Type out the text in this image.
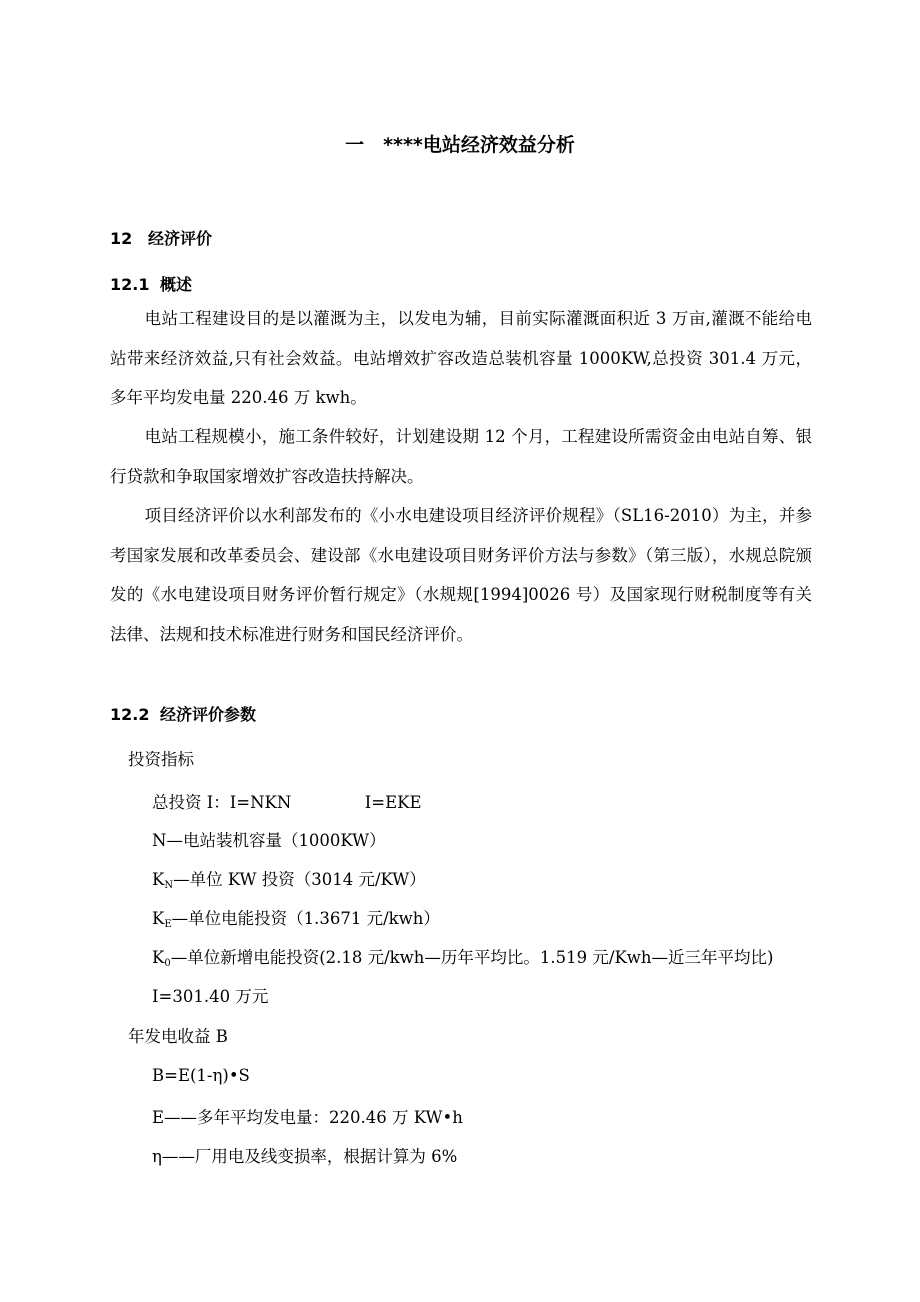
一　****电站经济效益分析
12 经济评价
12.1 概述
电站工程建设目的是以灌溉为主，以发电为辅，目前实际灌溉面积近 3 万亩,灌溉不能给电站带来经济效益,只有社会效益。电站增效扩容改造总装机容量 1000KW,总投资 301.4 万元，多年平均发电量 220.46 万 kwh。
电站工程规模小，施工条件较好，计划建设期 12 个月，工程建设所需资金由电站自筹、银行贷款和争取国家增效扩容改造扶持解决。
项目经济评价以水利部发布的《小水电建设项目经济评价规程》（SL16-2010）为主，并参考国家发展和改革委员会、建设部《水电建设项目财务评价方法与参数》（第三版），水规总院颁发的《水电建设项目财务评价暂行规定》（水规规[1994]0026 号）及国家现行财税制度等有关法律、法规和技术标准进行财务和国民经济评价。
12.2 经济评价参数
投资指标
总投资 I：I=NKN              I=EKE
N—电站装机容量（1000KW）
$K_N—$单位 KW 投资（3014 元/KW）
$K_E—$单位电能投资（1.3671 元/kwh）
$K_0—$单位新增电能投资(2.18 元/kwh—历年平均比。1.519 元/Kwh—近三年平均比)
I=301.40 万元
年发电收益 B
B=E(1-η)•S
E——多年平均发电量：220.46 万 KW•h
η——厂用电及线变损率，根据计算为 6%
